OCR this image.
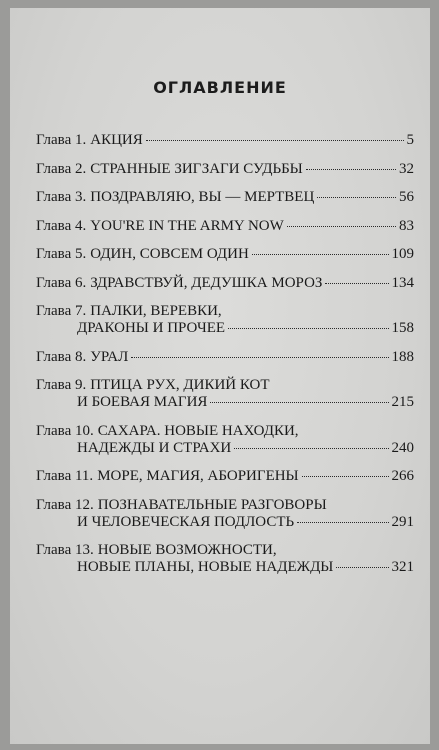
ОГЛАВЛЕНИЕ
Глава 1. АКЦИЯ	5
Глава 2. СТРАННЫЕ ЗИГЗАГИ СУДЬБЫ	32
Глава 3. ПОЗДРАВЛЯЮ, ВЫ — МЕРТВЕЦ	56
Глава 4. YOU'RE IN THE ARMY NOW	83
Глава 5. ОДИН, СОВСЕМ ОДИН	109
Глава 6. ЗДРАВСТВУЙ, ДЕДУШКА МОРОЗ	134
Глава 7. ПАЛКИ, ВЕРЕВКИ,
ДРАКОНЫ И ПРОЧЕЕ	158
Глава 8. УРАЛ	188
Глава 9. ПТИЦА РУХ, ДИКИЙ КОТ
И БОЕВАЯ МАГИЯ	215
Глава 10. САХАРА. НОВЫЕ НАХОДКИ,
НАДЕЖДЫ И СТРАХИ	240
Глава 11. МОРЕ, МАГИЯ, АБОРИГЕНЫ	266
Глава 12. ПОЗНАВАТЕЛЬНЫЕ РАЗГОВОРЫ
И ЧЕЛОВЕЧЕСКАЯ ПОДЛОСТЬ	291
Глава 13. НОВЫЕ ВОЗМОЖНОСТИ,
НОВЫЕ ПЛАНЫ, НОВЫЕ НАДЕЖДЫ	321
